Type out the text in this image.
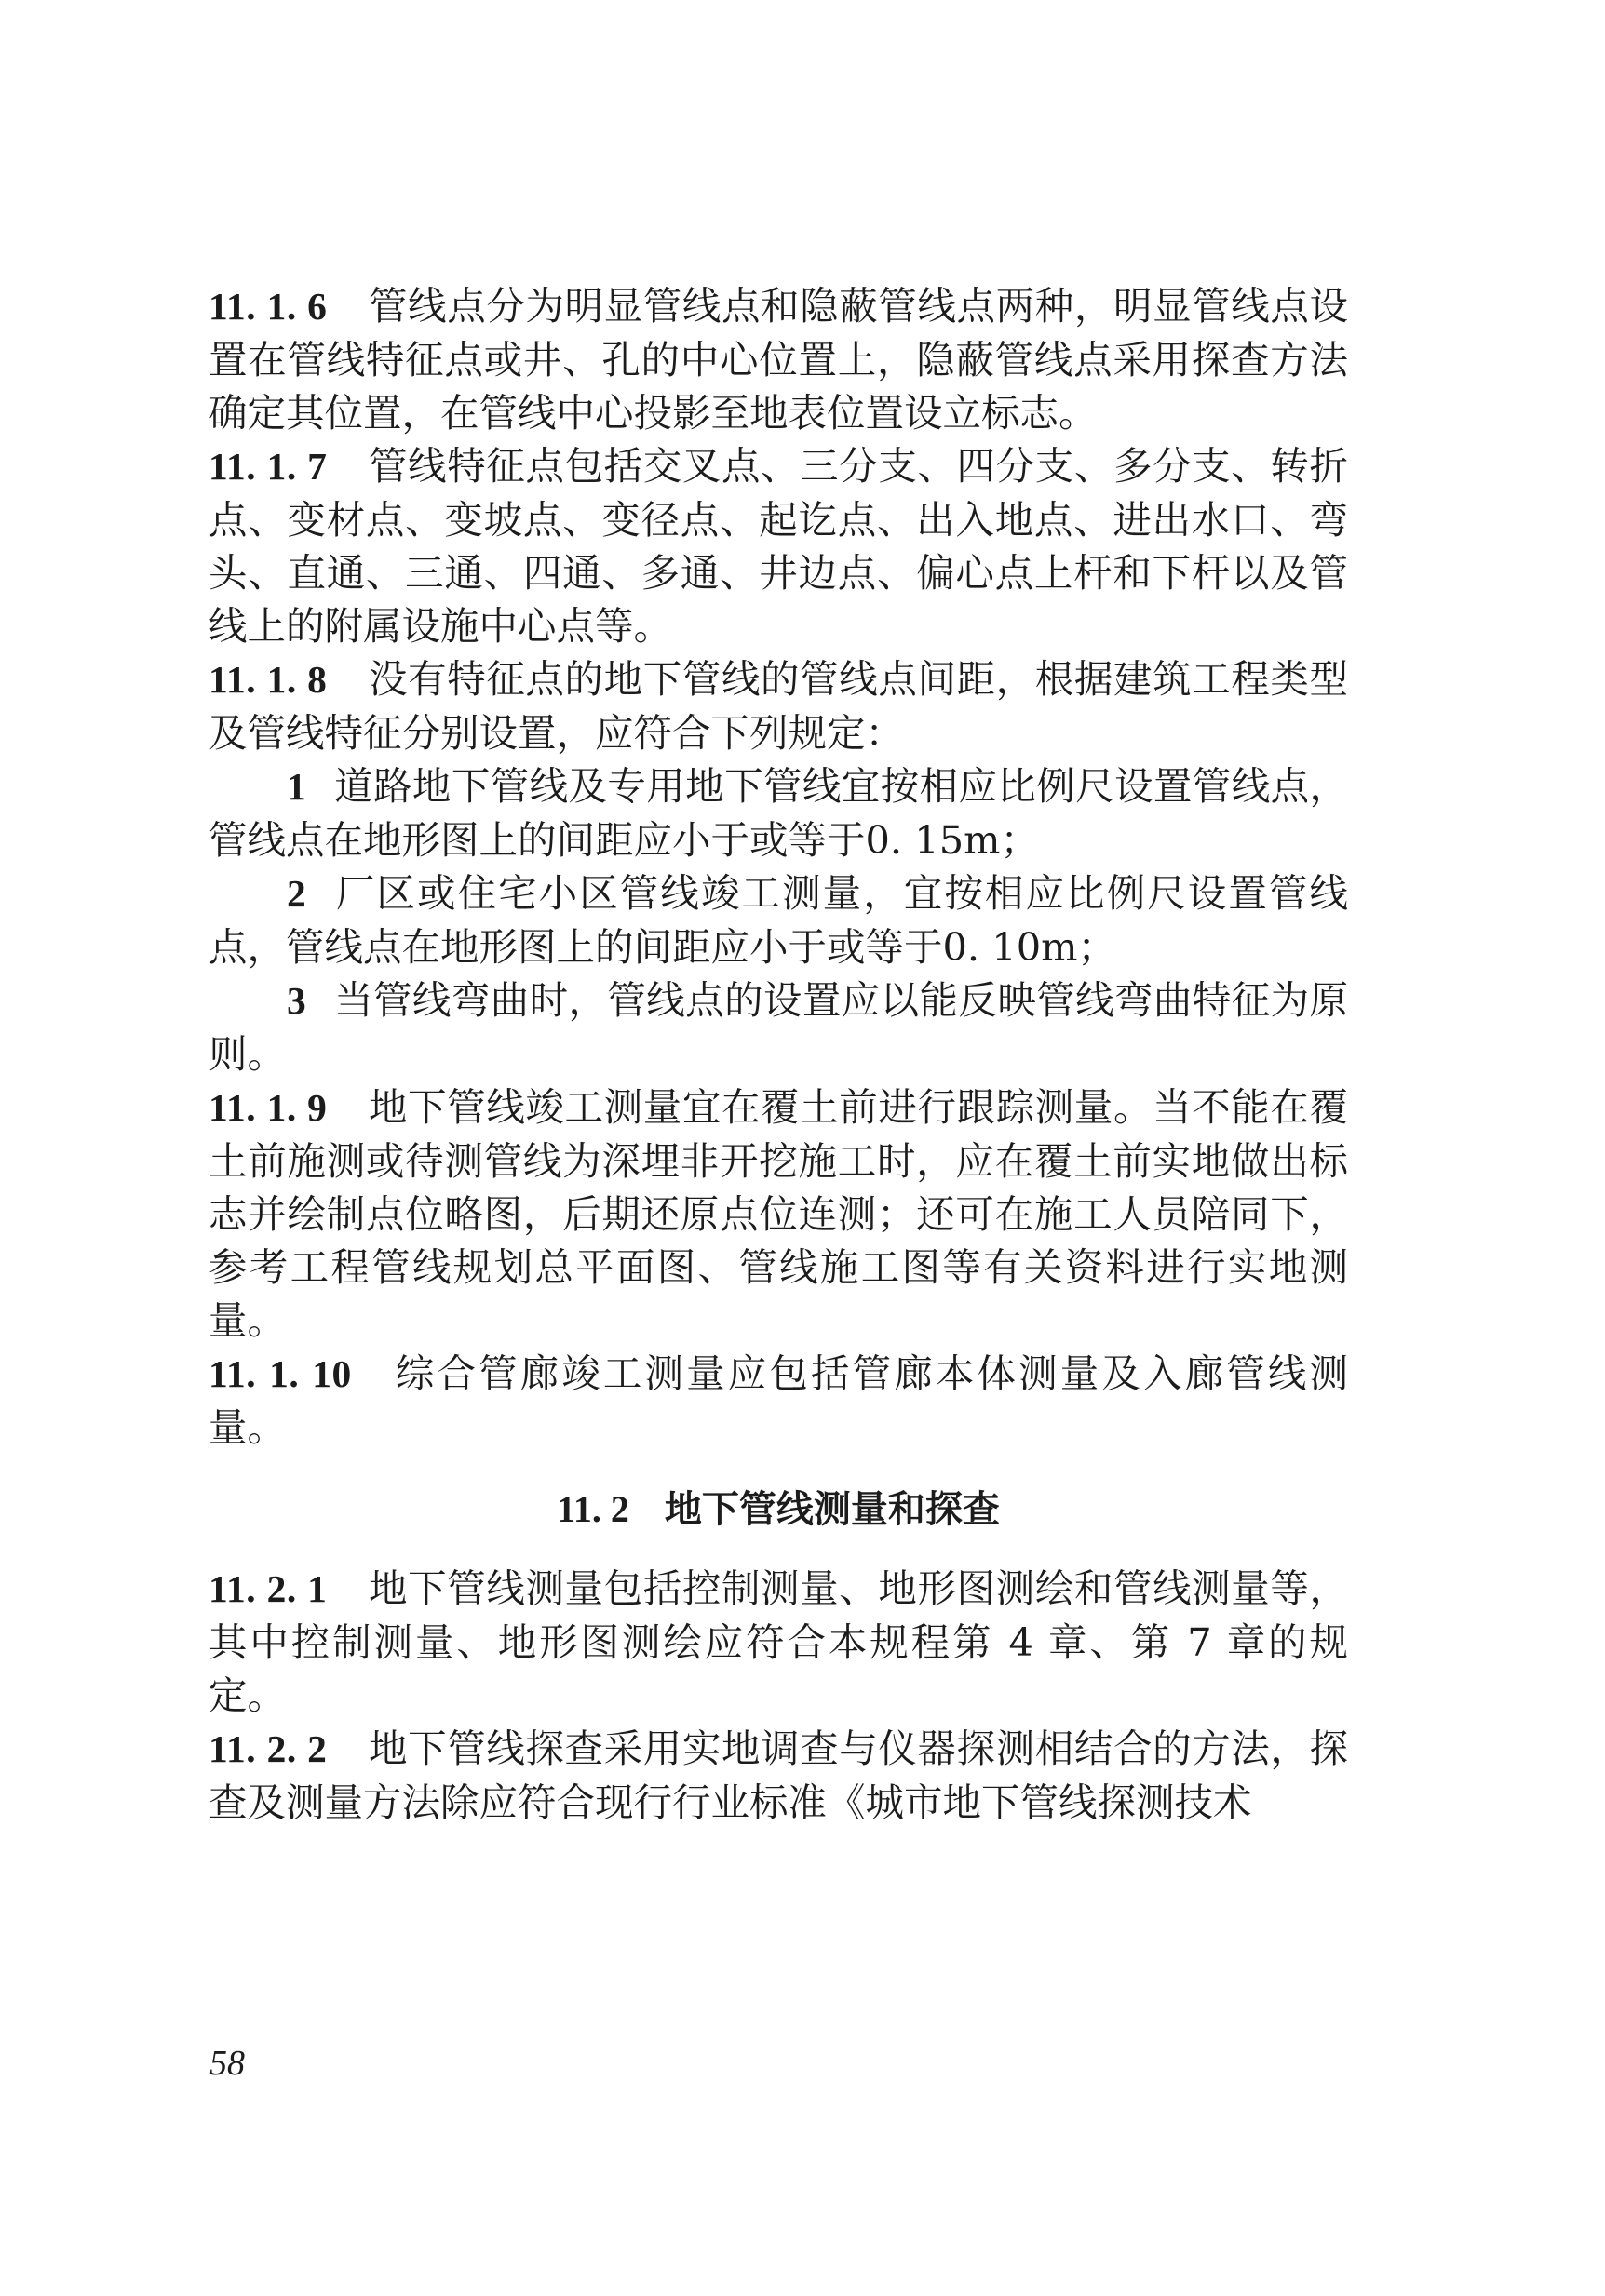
11. 1. 6 管线点分为明显管线点和隐蔽管线点两种，明显管线点设置在管线特征点或井、孔的中心位置上，隐蔽管线点采用探查方法确定其位置，在管线中心投影至地表位置设立标志。

11. 1. 7 管线特征点包括交叉点、三分支、四分支、多分支、转折点、变材点、变坡点、变径点、起讫点、出入地点、进出水口、弯头、直通、三通、四通、多通、井边点、偏心点上杆和下杆以及管线上的附属设施中心点等。

11. 1. 8 没有特征点的地下管线的管线点间距，根据建筑工程类型及管线特征分别设置，应符合下列规定：

1 道路地下管线及专用地下管线宜按相应比例尺设置管线点，管线点在地形图上的间距应小于或等于0. 15m；

2 厂区或住宅小区管线竣工测量，宜按相应比例尺设置管线点，管线点在地形图上的间距应小于或等于0. 10m；

3 当管线弯曲时，管线点的设置应以能反映管线弯曲特征为原则。

11. 1. 9 地下管线竣工测量宜在覆土前进行跟踪测量。当不能在覆土前施测或待测管线为深埋非开挖施工时，应在覆土前实地做出标志并绘制点位略图，后期还原点位连测；还可在施工人员陪同下，参考工程管线规划总平面图、管线施工图等有关资料进行实地测量。

11. 1. 10 综合管廊竣工测量应包括管廊本体测量及入廊管线测量。

11. 2 地下管线测量和探查

11. 2. 1 地下管线测量包括控制测量、地形图测绘和管线测量等，其中控制测量、地形图测绘应符合本规程第 4 章、第 7 章的规定。

11. 2. 2 地下管线探查采用实地调查与仪器探测相结合的方法，探查及测量方法除应符合现行行业标准《城市地下管线探测技术

58
